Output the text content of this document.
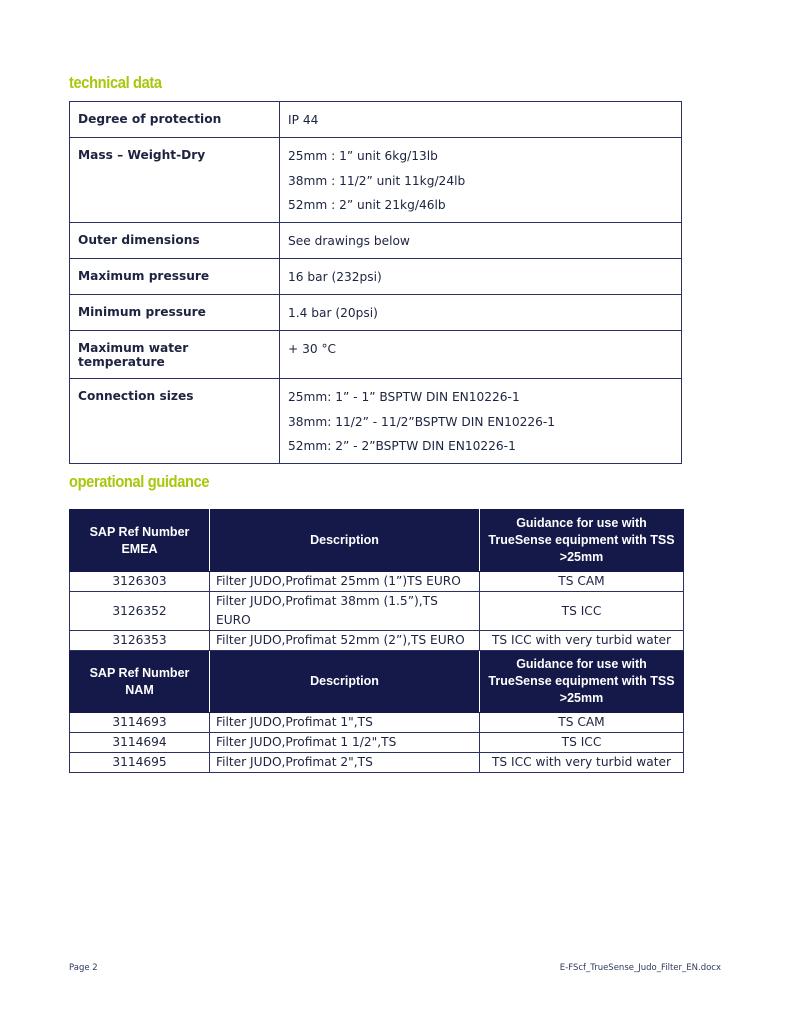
technical data
Degree of protection	IP 44

Mass – Weight-Dry	25mm : 1” unit 6kg/13lb
38mm : 11/2” unit 11kg/24lb
52mm : 2” unit 21kg/46lb

Outer dimensions	See drawings below

Maximum pressure	16 bar (232psi)

Minimum pressure	1.4 bar (20psi)

Maximum water temperature	+ 30 °C

Connection sizes	25mm: 1” - 1” BSPTW DIN EN10226-1
38mm: 11/2” - 11/2”BSPTW DIN EN10226-1
52mm: 2” - 2”BSPTW DIN EN10226-1
operational guidance
SAP Ref Number
EMEA	Description	Guidance for use with
TrueSense equipment with TSS
>25mm
3126303	Filter JUDO,Profimat 25mm (1”)TS EURO	TS CAM
3126352	Filter JUDO,Profimat 38mm (1.5”),TS EURO	TS ICC
3126353	Filter JUDO,Profimat 52mm (2”),TS EURO	TS ICC with very turbid water
SAP Ref Number
NAM	Description	Guidance for use with
TrueSense equipment with TSS
>25mm
3114693	Filter JUDO,Profimat 1",TS	TS CAM
3114694	Filter JUDO,Profimat 1 1/2",TS	TS ICC
3114695	Filter JUDO,Profimat 2",TS	TS ICC with very turbid water
Page 2	E-FScf_TrueSense_Judo_Filter_EN.docx
